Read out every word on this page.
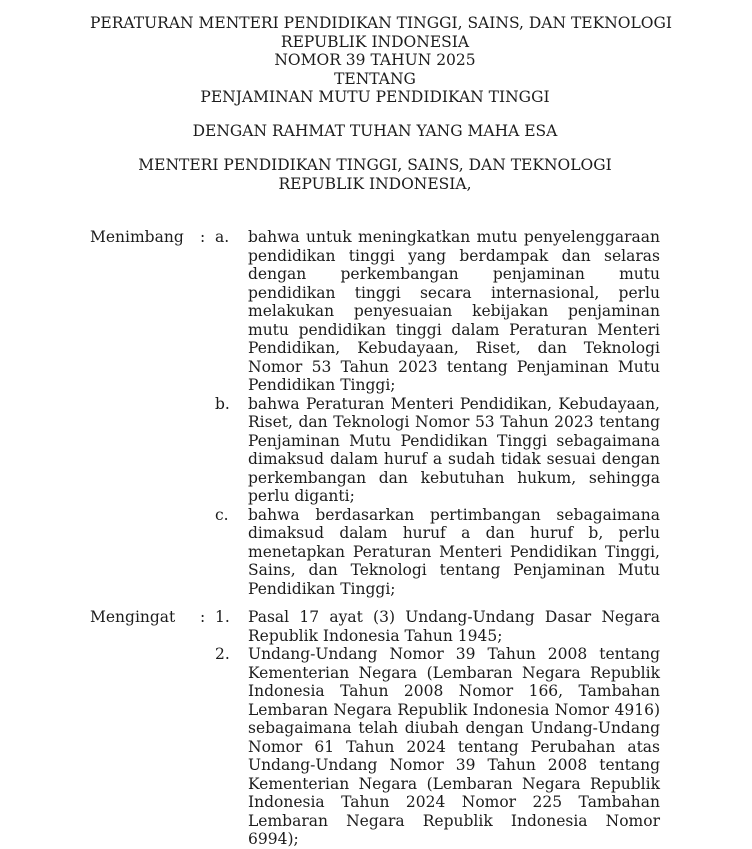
PERATURAN MENTERI PENDIDIKAN TINGGI, SAINS, DAN TEKNOLOGI
REPUBLIK INDONESIA
NOMOR 39 TAHUN 2025
TENTANG
PENJAMINAN MUTU PENDIDIKAN TINGGI
DENGAN RAHMAT TUHAN YANG MAHA ESA
MENTERI PENDIDIKAN TINGGI, SAINS, DAN TEKNOLOGI
REPUBLIK INDONESIA,
Menimbang	: a.	bahwa untuk meningkatkan mutu penyelenggaraan pendidikan tinggi yang berdampak dan selaras dengan perkembangan penjaminan mutu pendidikan tinggi secara internasional, perlu melakukan penyesuaian kebijakan penjaminan mutu pendidikan tinggi dalam Peraturan Menteri Pendidikan, Kebudayaan, Riset, dan Teknologi Nomor 53 Tahun 2023 tentang Penjaminan Mutu Pendidikan Tinggi;
b.	bahwa Peraturan Menteri Pendidikan, Kebudayaan, Riset, dan Teknologi Nomor 53 Tahun 2023 tentang Penjaminan Mutu Pendidikan Tinggi sebagaimana dimaksud dalam huruf a sudah tidak sesuai dengan perkembangan dan kebutuhan hukum, sehingga perlu diganti;
c.	bahwa berdasarkan pertimbangan sebagaimana dimaksud dalam huruf a dan huruf b, perlu menetapkan Peraturan Menteri Pendidikan Tinggi, Sains, dan Teknologi tentang Penjaminan Mutu Pendidikan Tinggi;
Mengingat	: 1.	Pasal 17 ayat (3) Undang-Undang Dasar Negara Republik Indonesia Tahun 1945;
2.	Undang-Undang Nomor 39 Tahun 2008 tentang Kementerian Negara (Lembaran Negara Republik Indonesia Tahun 2008 Nomor 166, Tambahan Lembaran Negara Republik Indonesia Nomor 4916) sebagaimana telah diubah dengan Undang-Undang Nomor 61 Tahun 2024 tentang Perubahan atas Undang-Undang Nomor 39 Tahun 2008 tentang Kementerian Negara (Lembaran Negara Republik Indonesia Tahun 2024 Nomor 225 Tambahan Lembaran Negara Republik Indonesia Nomor 6994);
